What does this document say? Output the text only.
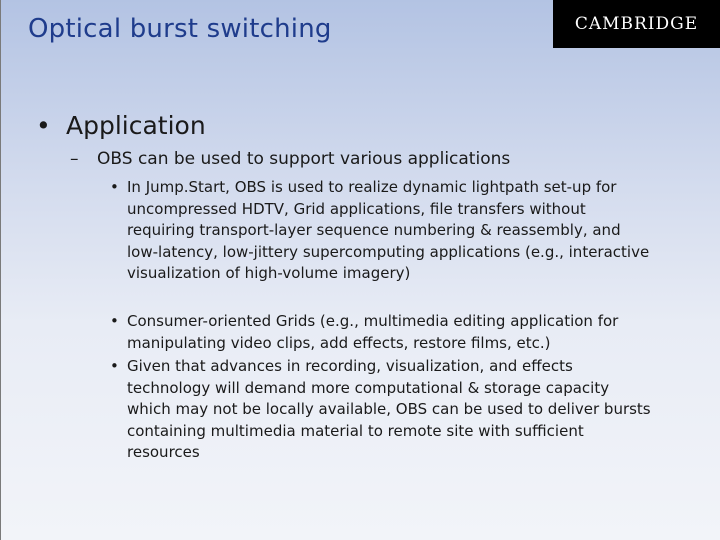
Optical burst switching	CAMBRIDGE
• Application
– OBS can be used to support various applications
• In Jump.Start, OBS is used to realize dynamic lightpath set-up for uncompressed HDTV, Grid applications, file transfers without requiring transport-layer sequence numbering & reassembly, and low-latency, low-jittery supercomputing applications (e.g., interactive visualization of high-volume imagery)
• Consumer-oriented Grids (e.g., multimedia editing application for manipulating video clips, add effects, restore films, etc.)
• Given that advances in recording, visualization, and effects technology will demand more computational & storage capacity which may not be locally available, OBS can be used to deliver bursts containing multimedia material to remote site with sufficient resources
